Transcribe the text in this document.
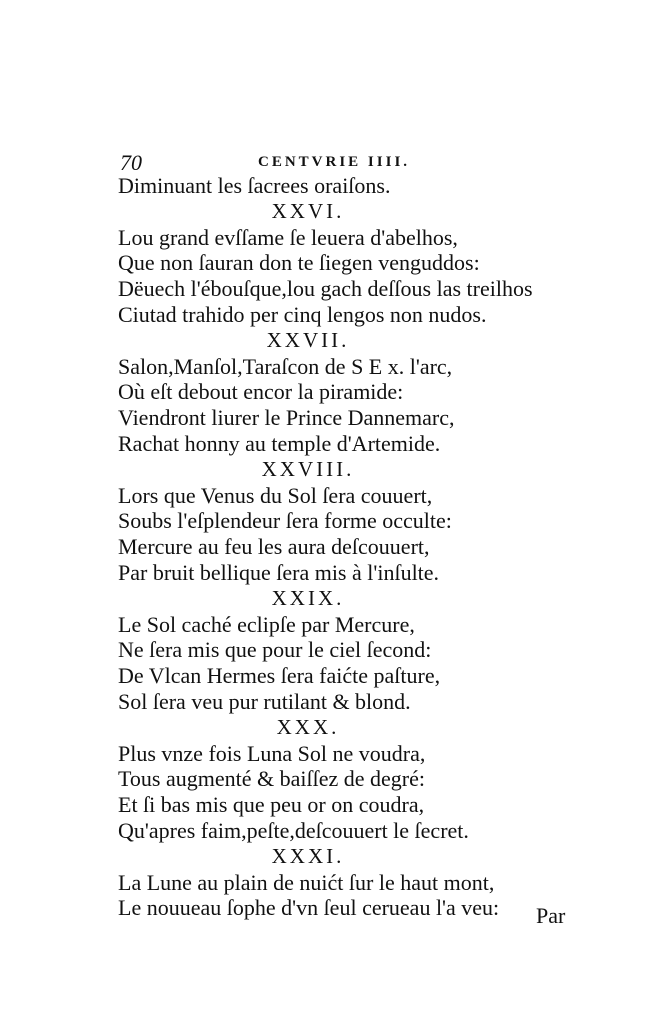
70	CENTVRIE IIII.
Diminuant les ſacrees oraiſons.
XXVI.
Lou grand evſſame ſe leuera d'abelhos,
Que non ſauran don te ſiegen venguddos:
Dëuech l'ébouſque,lou gach deſſous las treilhos
Ciutad trahido per cinq lengos non nudos.
XXVII.
Salon,Manſol,Taraſcon de S E x. l'arc,
Où eſt debout encor la piramide:
Viendront liurer le Prince Dannemarc,
Rachat honny au temple d'Artemide.
XXVIII.
Lors que Venus du Sol ſera couuert,
Soubs l'eſplendeur ſera forme occulte:
Mercure au feu les aura deſcouuert,
Par bruit bellique ſera mis à l'inſulte.
XXIX.
Le Sol caché eclipſe par Mercure,
Ne ſera mis que pour le ciel ſecond:
De Vlcan Hermes ſera faićte paſture,
Sol ſera veu pur rutilant & blond.
XXX.
Plus vnze fois Luna Sol ne voudra,
Tous augmenté & baiſſez de degré:
Et ſi bas mis que peu or on coudra,
Qu'apres faim,peſte,deſcouuert le ſecret.
XXXI.
La Lune au plain de nuićt ſur le haut mont,
Le nouueau ſophe d'vn ſeul cerueau l'a veu:	Par
